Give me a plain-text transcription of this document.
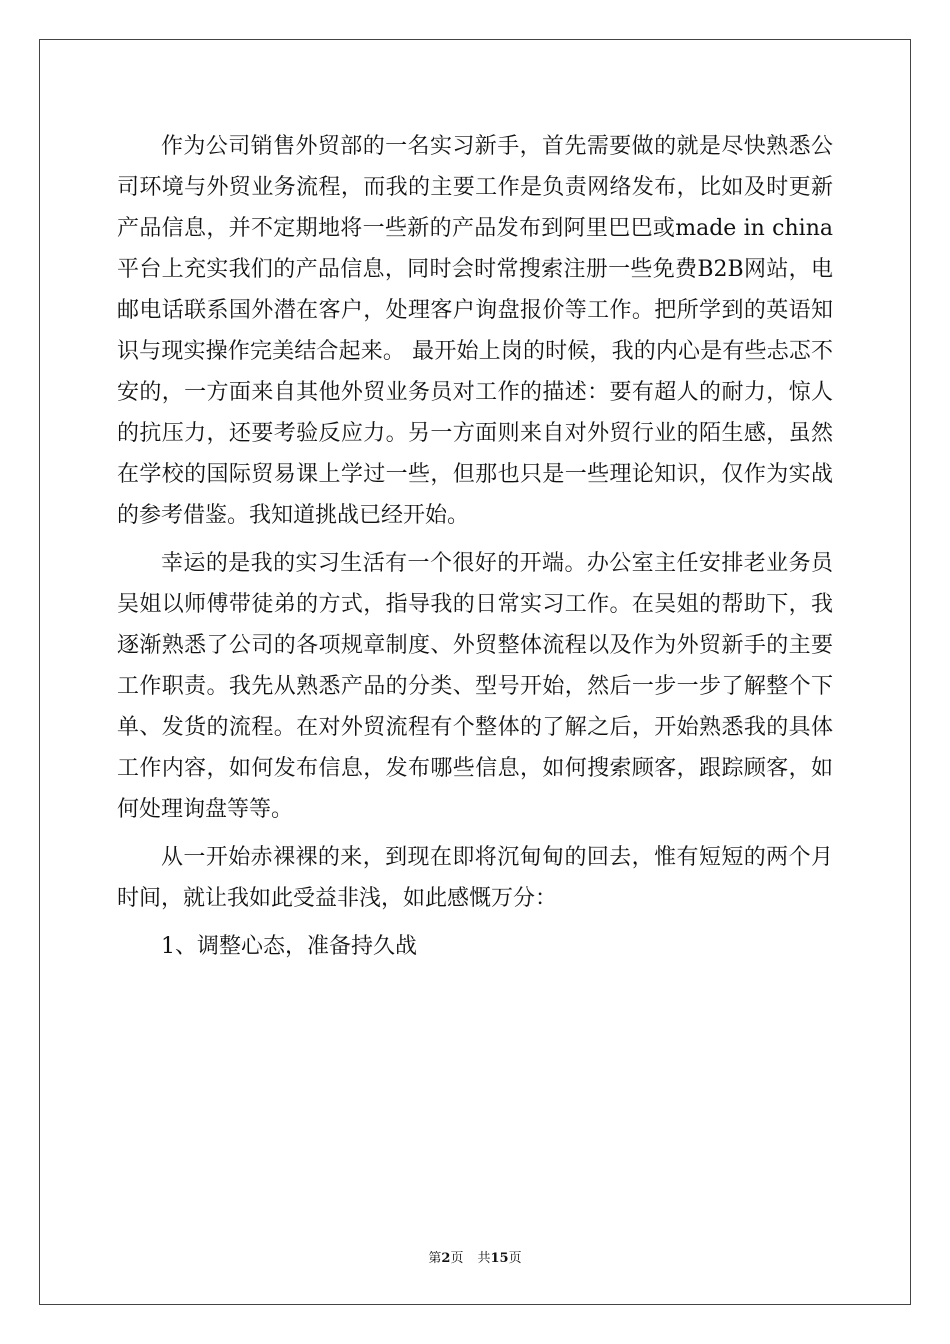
作为公司销售外贸部的一名实习新手，首先需要做的就是尽快熟悉公司环境与外贸业务流程，而我的主要工作是负责网络发布，比如及时更新产品信息，并不定期地将一些新的产品发布到阿里巴巴或made in china平台上充实我们的产品信息，同时会时常搜索注册一些免费B2B网站，电邮电话联系国外潜在客户，处理客户询盘报价等工作。把所学到的英语知识与现实操作完美结合起来。 最开始上岗的时候，我的内心是有些忐忑不安的，一方面来自其他外贸业务员对工作的描述：要有超人的耐力，惊人的抗压力，还要考验反应力。另一方面则来自对外贸行业的陌生感，虽然在学校的国际贸易课上学过一些，但那也只是一些理论知识，仅作为实战的参考借鉴。我知道挑战已经开始。

幸运的是我的实习生活有一个很好的开端。办公室主任安排老业务员吴姐以师傅带徒弟的方式，指导我的日常实习工作。在吴姐的帮助下，我逐渐熟悉了公司的各项规章制度、外贸整体流程以及作为外贸新手的主要工作职责。我先从熟悉产品的分类、型号开始，然后一步一步了解整个下单、发货的流程。在对外贸流程有个整体的了解之后，开始熟悉我的具体工作内容，如何发布信息，发布哪些信息，如何搜索顾客，跟踪顾客，如何处理询盘等等。

从一开始赤裸裸的来，到现在即将沉甸甸的回去，惟有短短的两个月时间，就让我如此受益非浅，如此感慨万分：

1、调整心态，准备持久战

第2页 共15页
